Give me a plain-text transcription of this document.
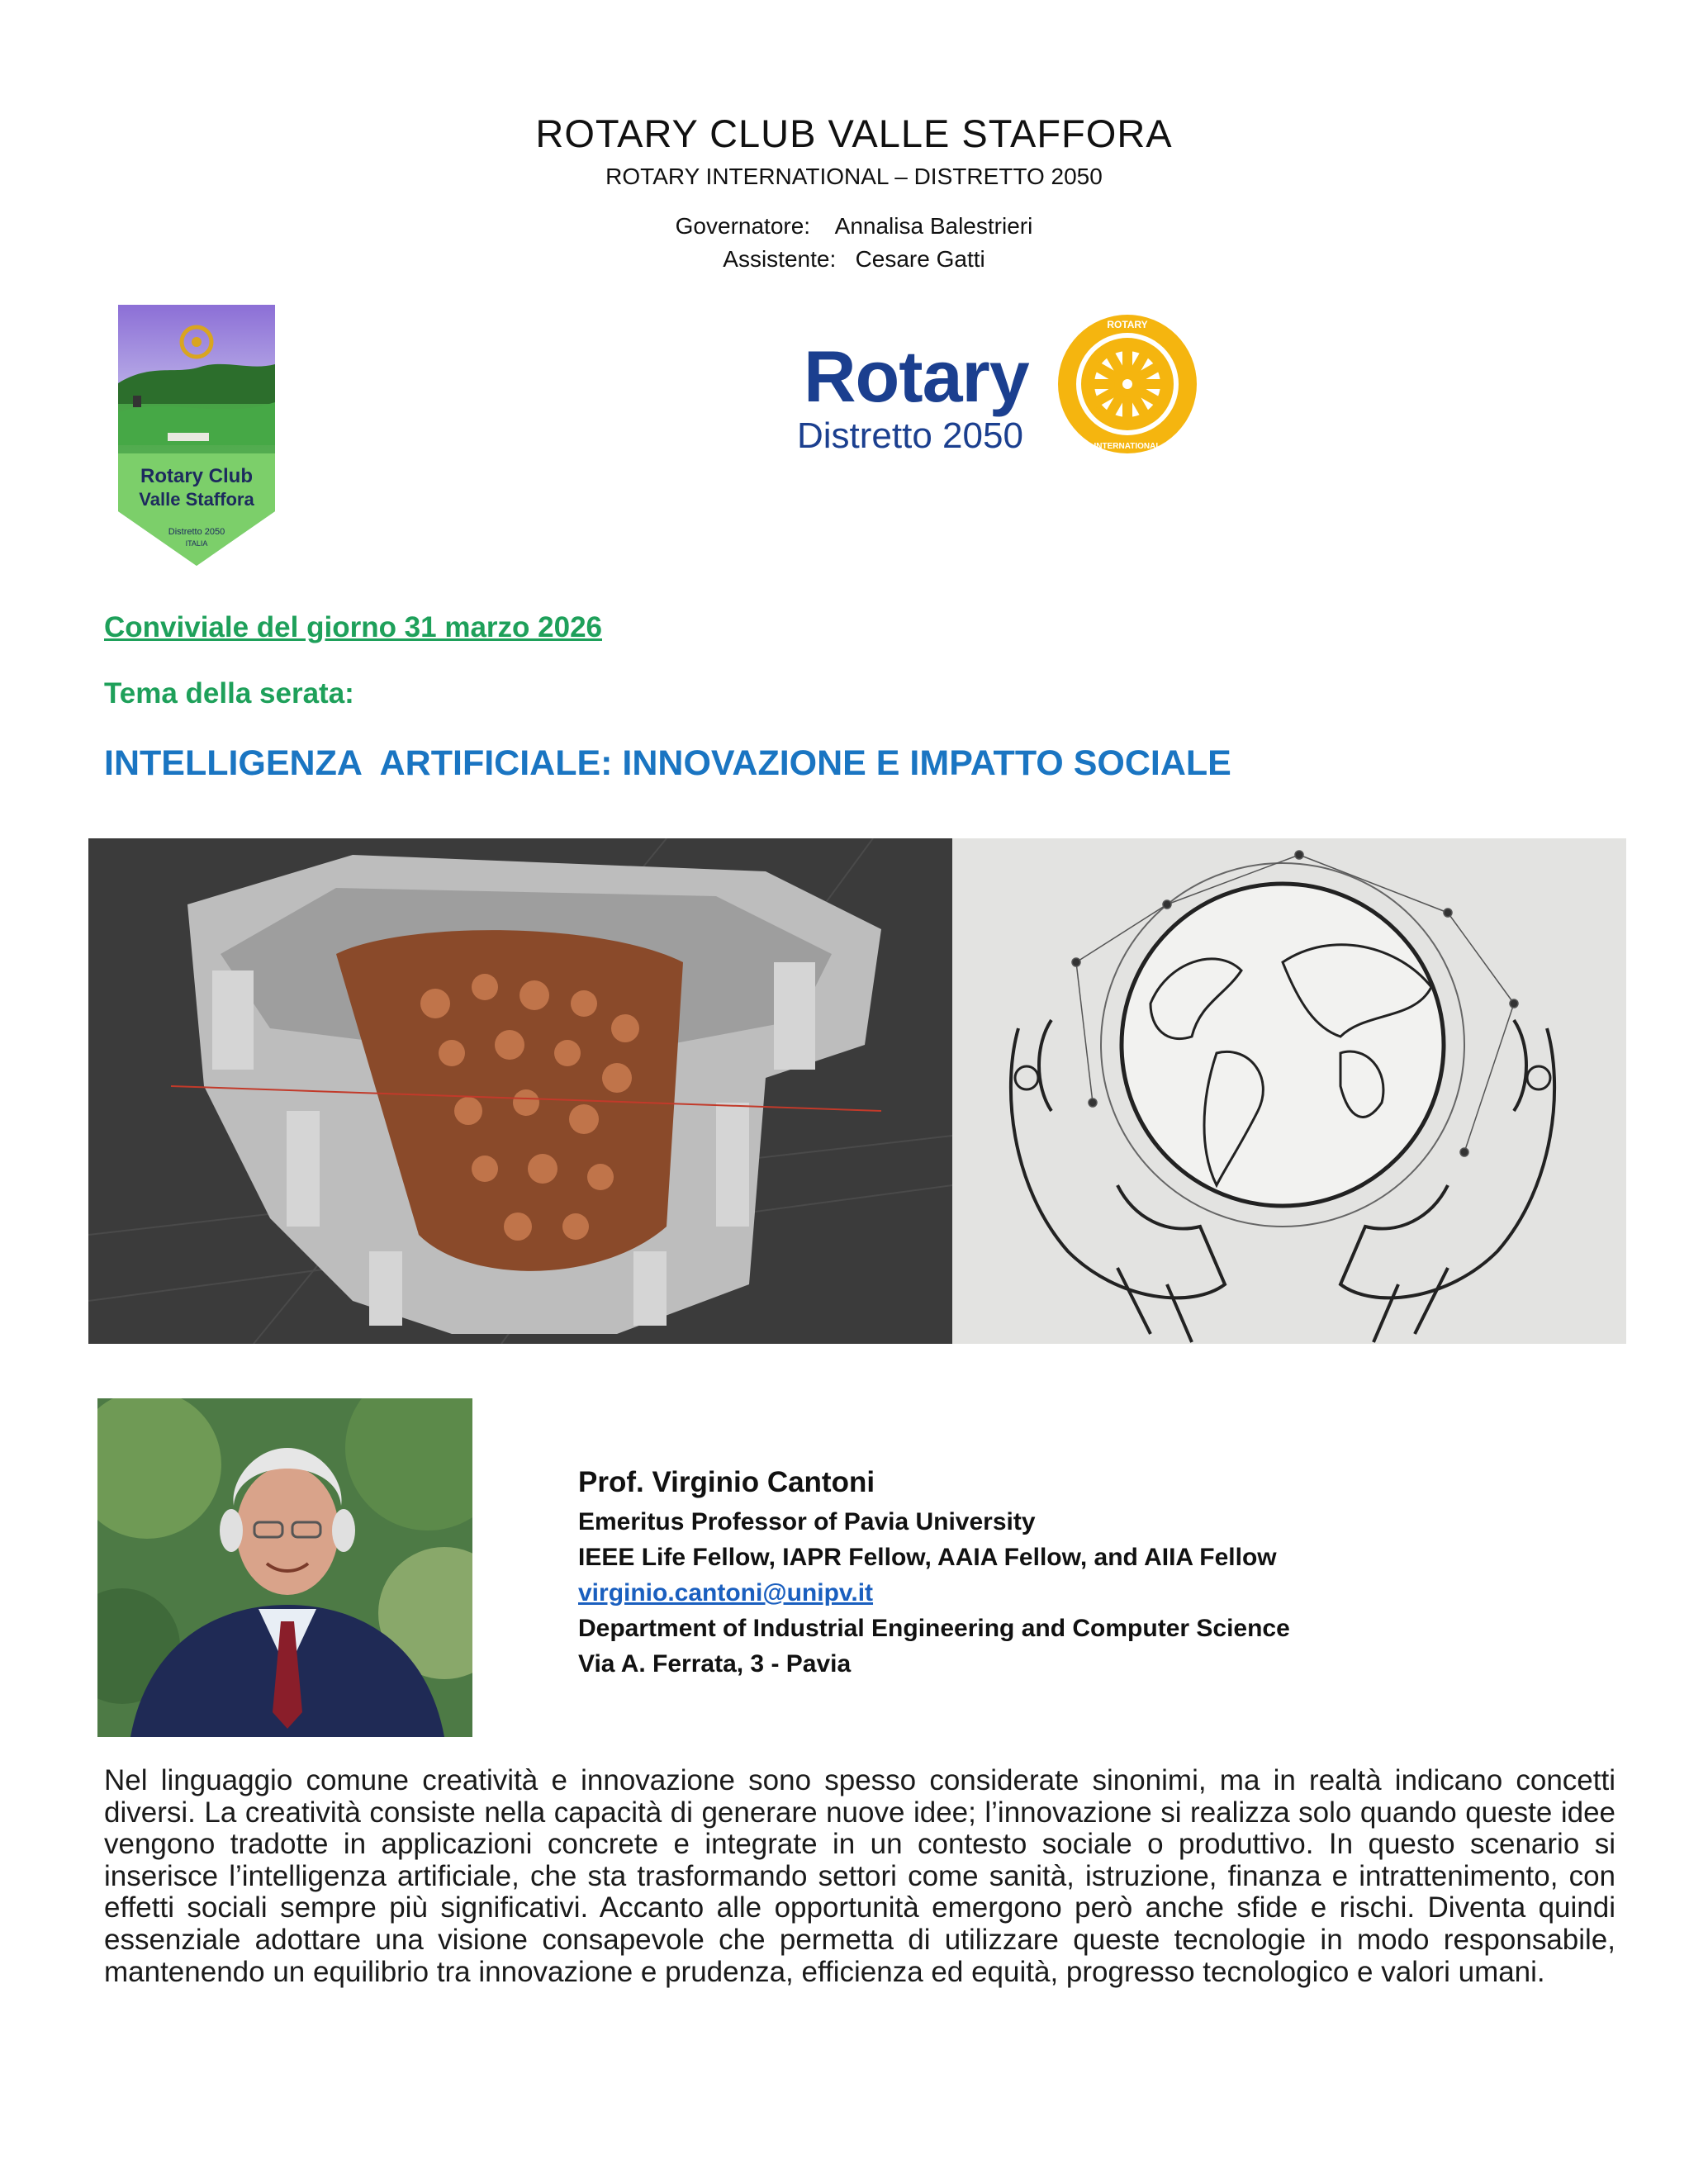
ROTARY CLUB VALLE STAFFORA
ROTARY INTERNATIONAL – DISTRETTO 2050
Governatore: Annalisa Balestrieri
Assistente: Cesare Gatti
Rotary Club
Valle Staffora
Distretto 2050
ITALIA
Rotary
Distretto 2050
ROTARY
INTERNATIONAL
Conviviale del giorno 31 marzo 2026
Tema della serata:
INTELLIGENZA  ARTIFICIALE: INNOVAZIONE E IMPATTO SOCIALE
Prof. Virginio Cantoni
Emeritus Professor of Pavia University
IEEE Life Fellow, IAPR Fellow, AAIA Fellow, and AIIA Fellow
virginio.cantoni@unipv.it
Department of Industrial Engineering and Computer Science
Via A. Ferrata, 3 - Pavia
Nel linguaggio comune creatività e innovazione sono spesso considerate sinonimi, ma in realtà indicano concetti diversi. La creatività consiste nella capacità di generare nuove idee; l’innovazione si realizza solo quando queste idee vengono tradotte in applicazioni concrete e integrate in un contesto sociale o produttivo. In questo scenario si inserisce l’intelligenza artificiale, che sta trasformando settori come sanità, istruzione, finanza e intrattenimento, con effetti sociali sempre più significativi. Accanto alle opportunità emergono però anche sfide e rischi. Diventa quindi essenziale adottare una visione consapevole che permetta di utilizzare queste tecnologie in modo responsabile, mantenendo un equilibrio tra innovazione e prudenza, efficienza ed equità, progresso tecnologico e valori umani.
